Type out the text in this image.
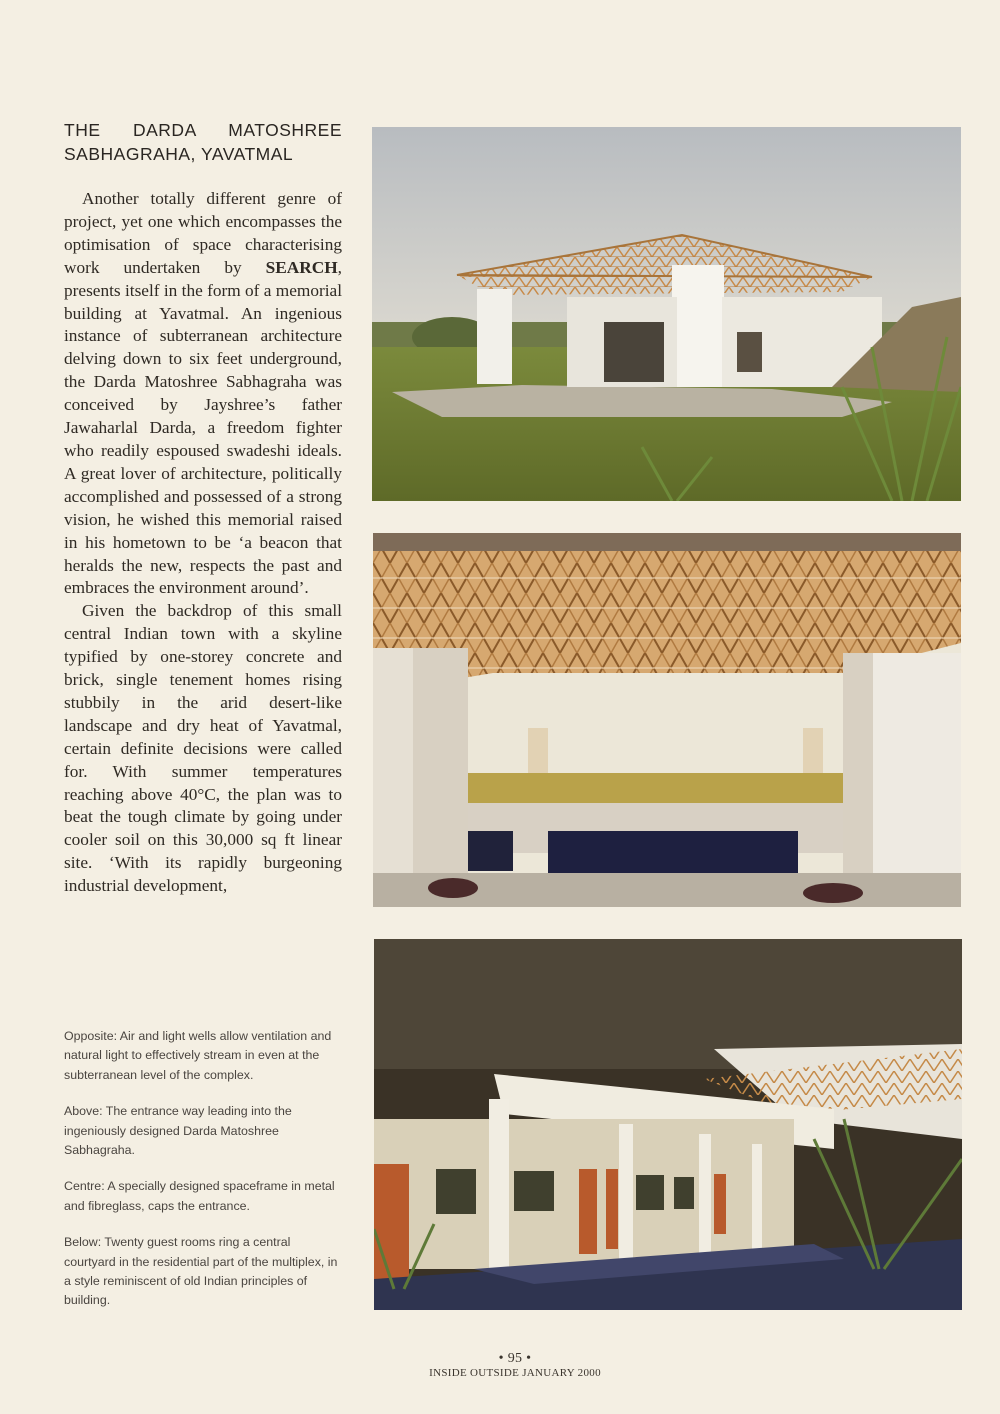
THE DARDA MATOSHREE
SABHAGRAHA, YAVATMAL

Another totally different genre of project, yet one which encompasses the optimisation of space characterising work undertaken by SEARCH, presents itself in the form of a memorial building at Yavatmal. An ingenious instance of subterranean architecture delving down to six feet underground, the Darda Matoshree Sabhagraha was conceived by Jayshree’s father Jawaharlal Darda, a freedom fighter who readily espoused swadeshi ideals. A great lover of architecture, politically accomplished and possessed of a strong vision, he wished this memorial raised in his hometown to be ‘a beacon that heralds the new, respects the past and embraces the environment around’.

Given the backdrop of this small central Indian town with a skyline typified by one-storey concrete and brick, single tenement homes rising stubbily in the arid desert-like landscape and dry heat of Yavatmal, certain definite decisions were called for. With summer temperatures reaching above 40°C, the plan was to beat the tough climate by going under cooler soil on this 30,000 sq ft linear site. ‘With its rapidly burgeoning industrial development,

Opposite: Air and light wells allow ventilation and natural light to effectively stream in even at the subterranean level of the complex.

Above: The entrance way leading into the ingeniously designed Darda Matoshree Sabhagraha.

Centre: A specially designed spaceframe in metal and fibreglass, caps the entrance.

Below: Twenty guest rooms ring a central courtyard in the residential part of the multiplex, in a style reminiscent of old Indian principles of building.

• 95 •
INSIDE OUTSIDE JANUARY 2000
